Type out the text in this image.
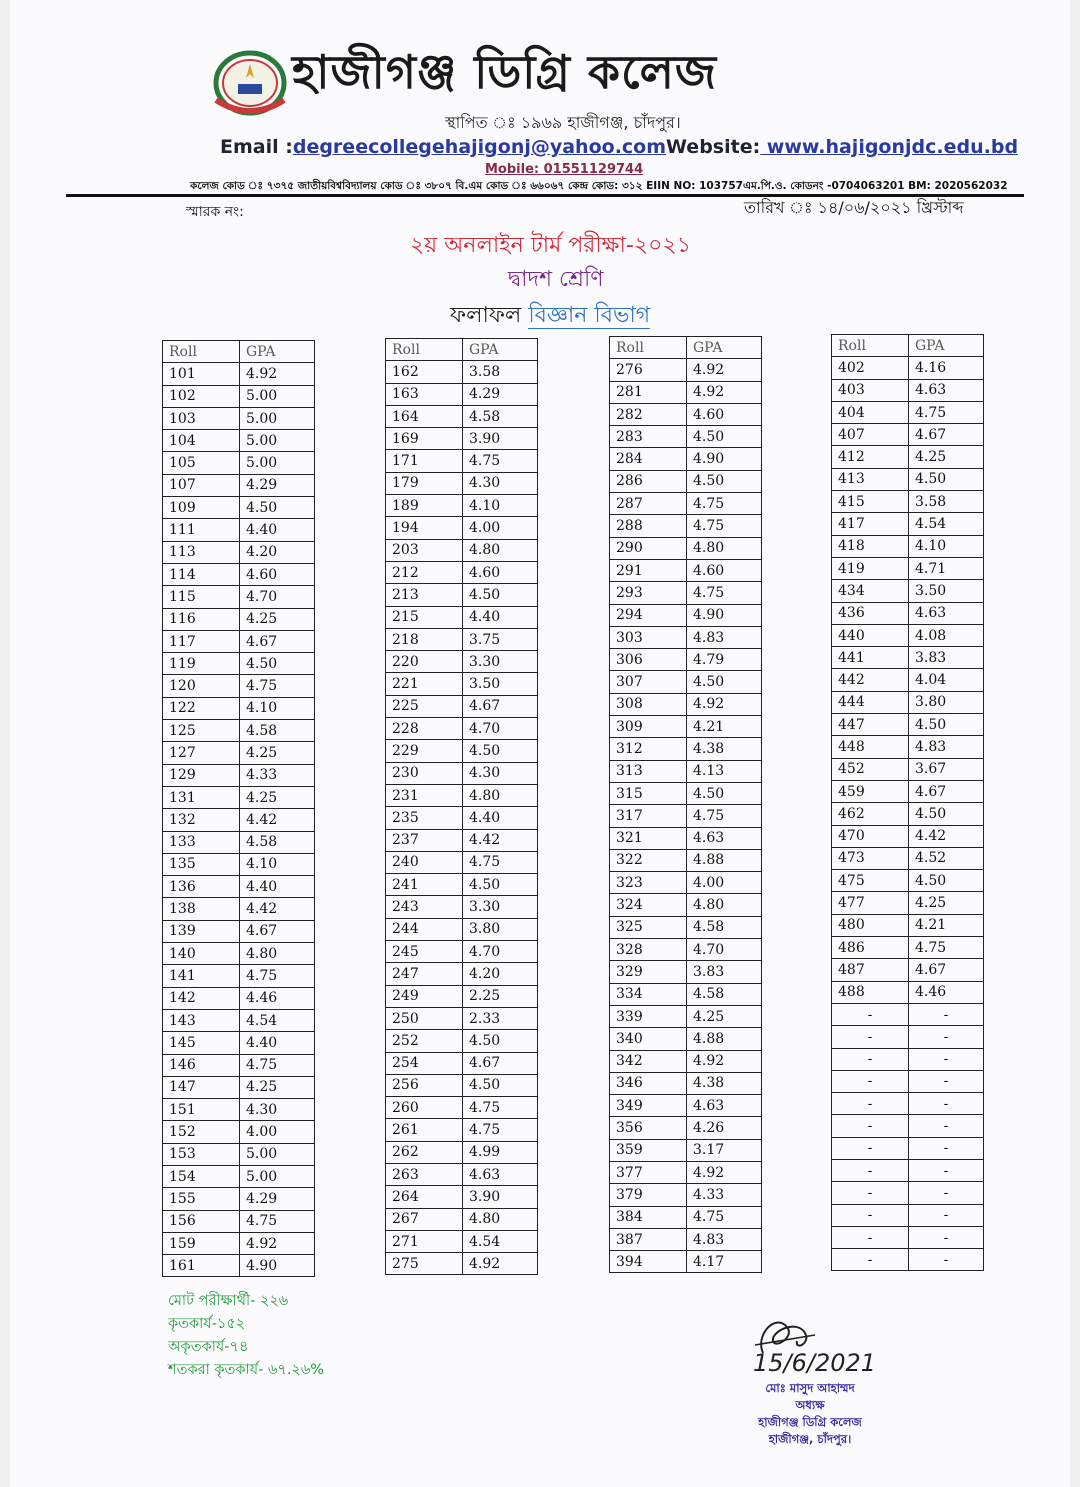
হাজীগঞ্জ ডিগ্রি কলেজ
স্থাপিত ঃ ১৯৬৯ হাজীগঞ্জ, চাঁদপুর।
Email :degreecollegehajigonj@yahoo.comWebsite: www.hajigonjdc.edu.bd
Mobile: 01551129744
কলেজ কোড ঃ ৭৩৭৫ জাতীয়বিশ্ববিদ্যালয় কোড ঃ ৩৮০৭ বি.এম কোড ঃ ৬৬০৬৭ কেন্দ্র কোড: ৩১২ EIIN NO: 103757এম.পি.ও. কোডনং -0704063201 BM: 2020562032
স্মারক নং:	তারিখ ঃ ১৪/০৬/২০২১ খ্রিস্টাব্দ
২য় অনলাইন টার্ম পরীক্ষা-২০২১
দ্বাদশ শ্রেণি
ফলাফল বিজ্ঞান বিভাগ
Roll	GPA
101	4.92
102	5.00
103	5.00
104	5.00
105	5.00
107	4.29
109	4.50
111	4.40
113	4.20
114	4.60
115	4.70
116	4.25
117	4.67
119	4.50
120	4.75
122	4.10
125	4.58
127	4.25
129	4.33
131	4.25
132	4.42
133	4.58
135	4.10
136	4.40
138	4.42
139	4.67
140	4.80
141	4.75
142	4.46
143	4.54
145	4.40
146	4.75
147	4.25
151	4.30
152	4.00
153	5.00
154	5.00
155	4.29
156	4.75
159	4.92
161	4.90
Roll	GPA
162	3.58
163	4.29
164	4.58
169	3.90
171	4.75
179	4.30
189	4.10
194	4.00
203	4.80
212	4.60
213	4.50
215	4.40
218	3.75
220	3.30
221	3.50
225	4.67
228	4.70
229	4.50
230	4.30
231	4.80
235	4.40
237	4.42
240	4.75
241	4.50
243	3.30
244	3.80
245	4.70
247	4.20
249	2.25
250	2.33
252	4.50
254	4.67
256	4.50
260	4.75
261	4.75
262	4.99
263	4.63
264	3.90
267	4.80
271	4.54
275	4.92
Roll	GPA
276	4.92
281	4.92
282	4.60
283	4.50
284	4.90
286	4.50
287	4.75
288	4.75
290	4.80
291	4.60
293	4.75
294	4.90
303	4.83
306	4.79
307	4.50
308	4.92
309	4.21
312	4.38
313	4.13
315	4.50
317	4.75
321	4.63
322	4.88
323	4.00
324	4.80
325	4.58
328	4.70
329	3.83
334	4.58
339	4.25
340	4.88
342	4.92
346	4.38
349	4.63
356	4.26
359	3.17
377	4.92
379	4.33
384	4.75
387	4.83
394	4.17
Roll	GPA
402	4.16
403	4.63
404	4.75
407	4.67
412	4.25
413	4.50
415	3.58
417	4.54
418	4.10
419	4.71
434	3.50
436	4.63
440	4.08
441	3.83
442	4.04
444	3.80
447	4.50
448	4.83
452	3.67
459	4.67
462	4.50
470	4.42
473	4.52
475	4.50
477	4.25
480	4.21
486	4.75
487	4.67
488	4.46
-	-
-	-
-	-
-	-
-	-
-	-
-	-
-	-
-	-
-	-
-	-
-	-
মোট পরীক্ষার্থী- ২২৬
কৃতকার্য-১৫২
অকৃতকার্য-৭৪
শতকরা কৃতকার্য- ৬৭.২৬%	15/6/2021
মোঃ মাসুদ আহাম্মদ
অধ্যক্ষ
হাজীগঞ্জ ডিগ্রি কলেজ
হাজীগঞ্জ, চাঁদপুর।
